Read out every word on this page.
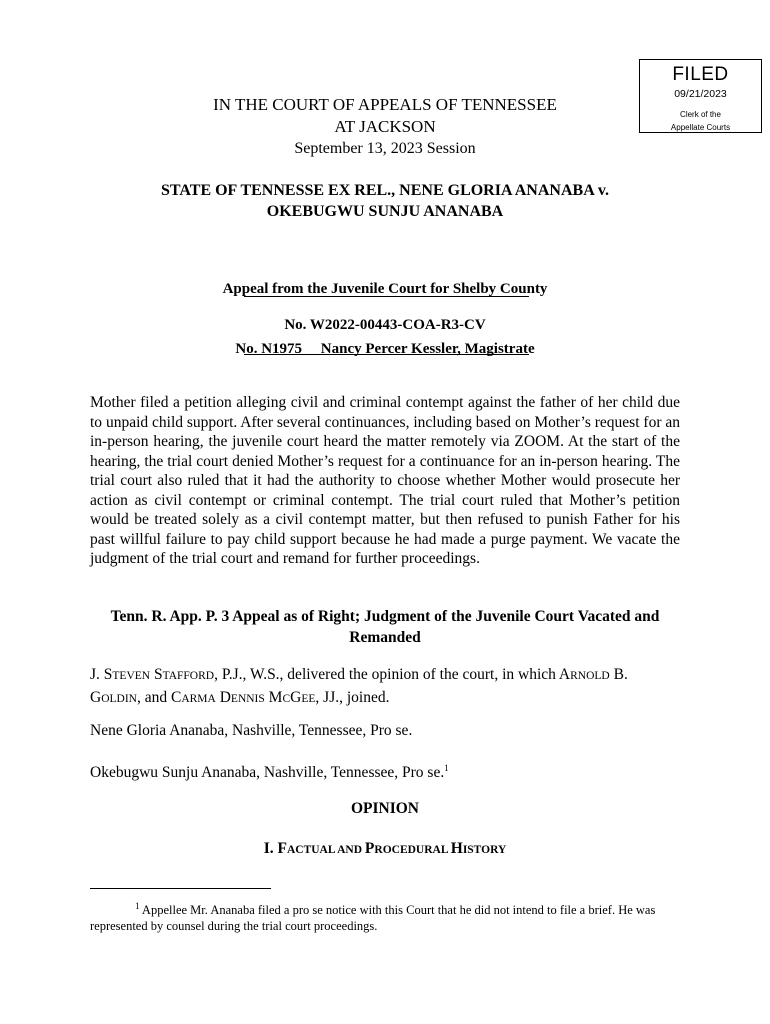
FILED
09/21/2023
Clerk of the
Appellate Courts
IN THE COURT OF APPEALS OF TENNESSEE
AT JACKSON
September 13, 2023 Session
STATE OF TENNESSE EX REL., NENE GLORIA ANANABA v.
OKEBUGWU SUNJU ANANABA

Appeal from the Juvenile Court for Shelby County

No. N1975     Nancy Percer Kessler, Magistrate

No. W2022-00443-COA-R3-CV
Mother filed a petition alleging civil and criminal contempt against the father of her child due to unpaid child support. After several continuances, including based on Mother’s request for an in-person hearing, the juvenile court heard the matter remotely via ZOOM. At the start of the hearing, the trial court denied Mother’s request for a continuance for an in-person hearing. The trial court also ruled that it had the authority to choose whether Mother would prosecute her action as civil contempt or criminal contempt. The trial court ruled that Mother’s petition would be treated solely as a civil contempt matter, but then refused to punish Father for his past willful failure to pay child support because he had made a purge payment. We vacate the judgment of the trial court and remand for further proceedings.
Tenn. R. App. P. 3 Appeal as of Right; Judgment of the Juvenile Court Vacated and Remanded
J. STEVEN STAFFORD, P.J., W.S., delivered the opinion of the court, in which ARNOLD B. GOLDIN, and CARMA DENNIS MCGEE, JJ., joined.
Nene Gloria Ananaba, Nashville, Tennessee, Pro se.
Okebugwu Sunju Ananaba, Nashville, Tennessee, Pro se.$^1$
OPINION
I. FACTUAL AND PROCEDURAL HISTORY
$^1$ Appellee Mr. Ananaba filed a pro se notice with this Court that he did not intend to file a brief. He was represented by counsel during the trial court proceedings.
